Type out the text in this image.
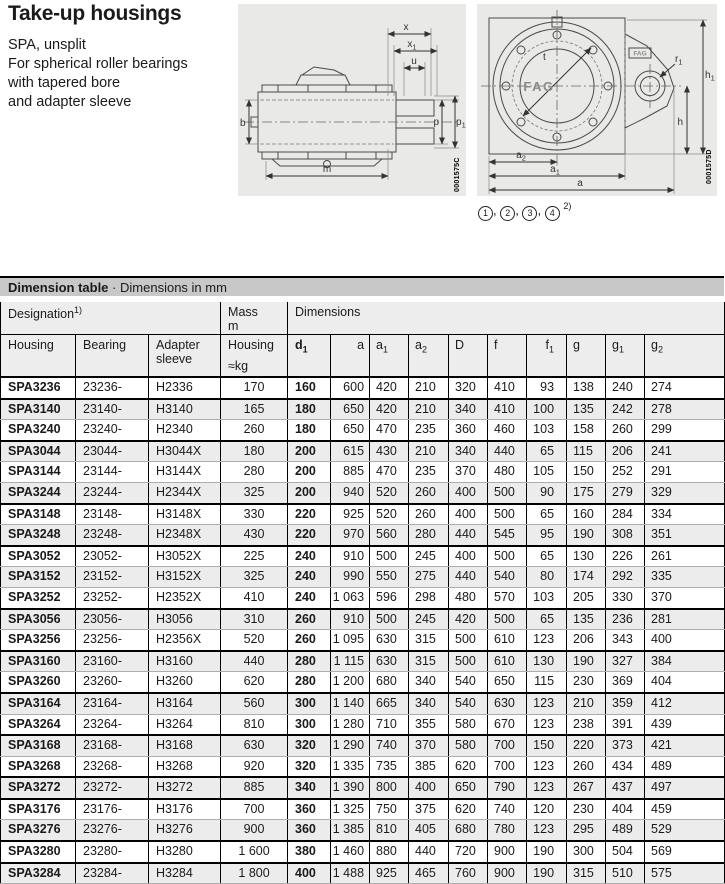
Take-up housings
SPA, unsplit
For spherical roller bearings
with tapered bore
and adapter sleeve
x
$x_1$
u
b	p $p_1$
m	0001575C
FAG
FAG
t	$r_1$
h
$h_1$
$a_2$
$a_1$
a	0001575D
1 , 2 , 3 , 4 $^{2)}$
Dimension table · Dimensions in mm
Designation$^{1)}$			Mass
m	Dimensions									
Housing	Bearing	Adapter
sleeve

Housing
≈kg
	$d_1$	a	$a_1$	$a_2$	D	f	$f_1$	g	$g_1$	$g_2$
SPA3236	23236-	H2336	170	160	600	420	210	320	410	93	138	240	274
SPA3140	23140-	H3140	165	180	650	420	210	340	410	100	135	242	278
SPA3240	23240-	H2340	260	180	650	470	235	360	460	103	158	260	299
SPA3044	23044-	H3044X	180	200	615	430	210	340	440	65	115	206	241
SPA3144	23144-	H3144X	280	200	885	470	235	370	480	105	150	252	291
SPA3244	23244-	H2344X	325	200	940	520	260	400	500	90	175	279	329
SPA3148	23148-	H3148X	330	220	925	520	260	400	500	65	160	284	334
SPA3248	23248-	H2348X	430	220	970	560	280	440	545	95	190	308	351
SPA3052	23052-	H3052X	225	240	910	500	245	400	500	65	130	226	261
SPA3152	23152-	H3152X	325	240	990	550	275	440	540	80	174	292	335
SPA3252	23252-	H2352X	410	240	1 063	596	298	480	570	103	205	330	370
SPA3056	23056-	H3056	310	260	910	500	245	420	500	65	135	236	281
SPA3256	23256-	H2356X	520	260	1 095	630	315	500	610	123	206	343	400
SPA3160	23160-	H3160	440	280	1 115	630	315	500	610	130	190	327	384
SPA3260	23260-	H3260	620	280	1 200	680	340	540	650	115	230	369	404
SPA3164	23164-	H3164	560	300	1 140	665	340	540	630	123	210	359	412
SPA3264	23264-	H3264	810	300	1 280	710	355	580	670	123	238	391	439
SPA3168	23168-	H3168	630	320	1 290	740	370	580	700	150	220	373	421
SPA3268	23268-	H3268	920	320	1 335	735	385	620	700	123	260	434	489
SPA3272	23272-	H3272	885	340	1 390	800	400	650	790	123	267	437	497
SPA3176	23176-	H3176	700	360	1 325	750	375	620	740	120	230	404	459
SPA3276	23276-	H3276	900	360	1 385	810	405	680	780	123	295	489	529
SPA3280	23280-	H3280	1 600	380	1 460	880	440	720	900	190	300	504	569
SPA3284	23284-	H3284	1 800	400	1 488	925	465	760	900	190	315	510	575
